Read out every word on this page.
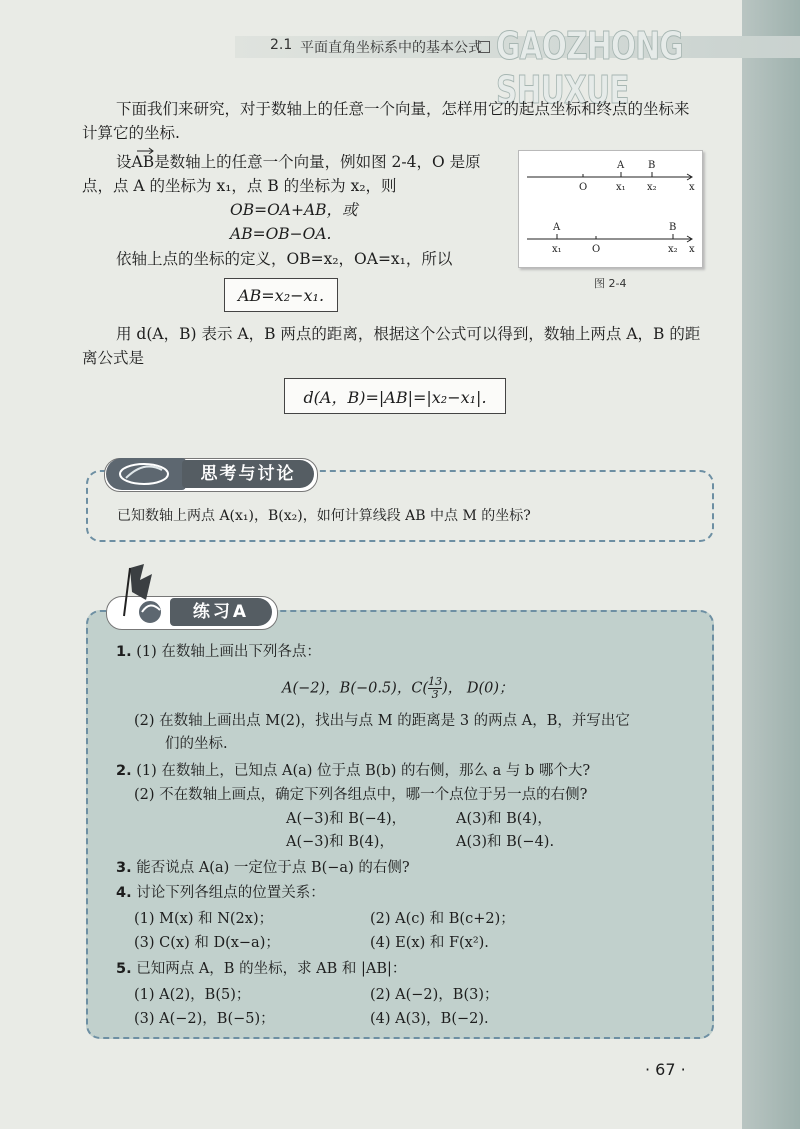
2.1 平面直角坐标系中的基本公式 GAOZHONG SHUXUE
下面我们来研究，对于数轴上的任意一个向量，怎样用它的起点坐标和终点的坐标来
计算它的坐标.
设AB是数轴上的任意一个向量，例如图 2-4，O 是原
点，点 A 的坐标为 x₁，点 B 的坐标为 x₂，则
OB=OA+AB，或
AB=OB−OA.
依轴上点的坐标的定义，OB=x₂，OA=x₁，所以
AB=x₂−x₁.
用 d(A，B) 表示 A，B 两点的距离，根据这个公式可以得到，数轴上两点 A，B 的距
离公式是
d(A，B)=|AB|=|x₂−x₁|.
A B
O	x₁ x₂	x
A	B
O
x₁	x₂ x
图 2-4
思考与讨论
已知数轴上两点 A(x₁)，B(x₂)，如何计算线段 AB 中点 M 的坐标?
练习A
1. (1) 在数轴上画出下列各点：
A(−2)，B(−0.5)，$C( \frac{13}{3}$ )， D(0)；
(2) 在数轴上画出点 M(2)，找出与点 M 的距离是 3 的两点 A，B，并写出它
们的坐标.
2. (1) 在数轴上，已知点 A(a) 位于点 B(b) 的右侧，那么 a 与 b 哪个大?
(2) 不在数轴上画点，确定下列各组点中，哪一个点位于另一点的右侧?
A(−3)和 B(−4)，	A(3)和 B(4)，
A(−3)和 B(4)，	A(3)和 B(−4).
3. 能否说点 A(a) 一定位于点 B(−a) 的右侧?
4. 讨论下列各组点的位置关系：
(1) M(x) 和 N(2x)；	(2) A(c) 和 B(c+2)；
(3) C(x) 和 D(x−a)；	(4) E(x) 和 F(x²).
5. 已知两点 A，B 的坐标，求 AB 和 |AB|：
(1) A(2)，B(5)；	(2) A(−2)，B(3)；
(3) A(−2)，B(−5)；	(4) A(3)，B(−2).
· 67 ·
